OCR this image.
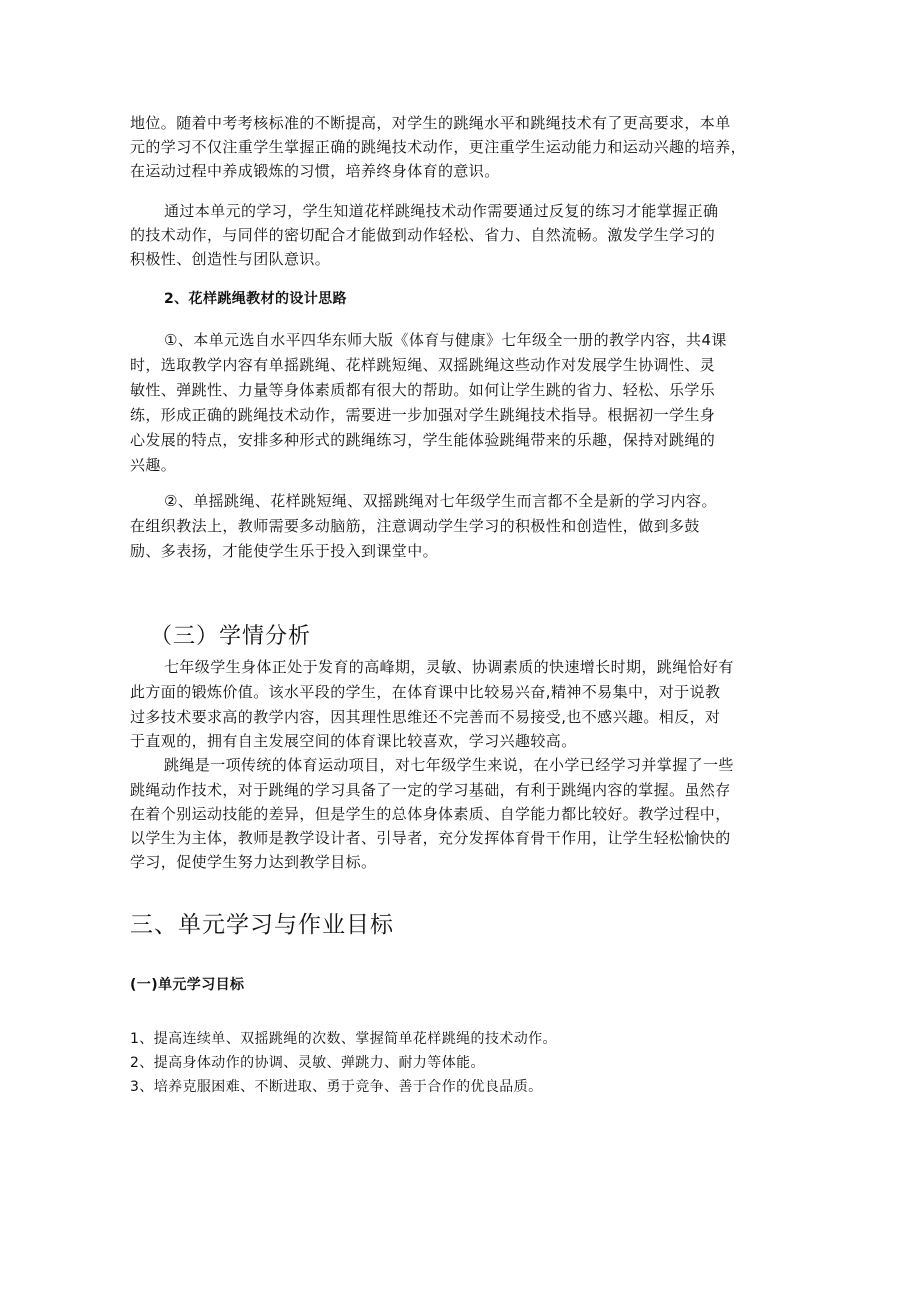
地位。随着中考考核标准的不断提高，对学生的跳绳水平和跳绳技术有了更高要求，本单
元的学习不仅注重学生掌握正确的跳绳技术动作，更注重学生运动能力和运动兴趣的培养，
在运动过程中养成锻炼的习惯，培养终身体育的意识。
通过本单元的学习，学生知道花样跳绳技术动作需要通过反复的练习才能掌握正确
的技术动作，与同伴的密切配合才能做到动作轻松、省力、自然流畅。激发学生学习的
积极性、创造性与团队意识。
2、花样跳绳教材的设计思路
①、本单元选自水平四华东师大版《体育与健康》七年级全一册的教学内容，共4课
时，选取教学内容有单摇跳绳、花样跳短绳、双摇跳绳这些动作对发展学生协调性、灵
敏性、弹跳性、力量等身体素质都有很大的帮助。如何让学生跳的省力、轻松、乐学乐
练，形成正确的跳绳技术动作，需要进一步加强对学生跳绳技术指导。根据初一学生身
心发展的特点，安排多种形式的跳绳练习，学生能体验跳绳带来的乐趣，保持对跳绳的
兴趣。
②、单摇跳绳、花样跳短绳、双摇跳绳对七年级学生而言都不全是新的学习内容。
在组织教法上，教师需要多动脑筋，注意调动学生学习的积极性和创造性，做到多鼓
励、多表扬，才能使学生乐于投入到课堂中。
（三）学情分析
七年级学生身体正处于发育的高峰期，灵敏、协调素质的快速增长时期，跳绳恰好有
此方面的锻炼价值。该水平段的学生，在体育课中比较易兴奋,精神不易集中，对于说教
过多技术要求高的教学内容，因其理性思维还不完善而不易接受,也不感兴趣。相反，对
于直观的，拥有自主发展空间的体育课比较喜欢，学习兴趣较高。
跳绳是一项传统的体育运动项目，对七年级学生来说，在小学已经学习并掌握了一些
跳绳动作技术，对于跳绳的学习具备了一定的学习基础，有利于跳绳内容的掌握。虽然存
在着个别运动技能的差异，但是学生的总体身体素质、自学能力都比较好。教学过程中，
以学生为主体，教师是教学设计者、引导者，充分发挥体育骨干作用，让学生轻松愉快的
学习，促使学生努力达到教学目标。
三、单元学习与作业目标
(一)单元学习目标
1、提高连续单、双摇跳绳的次数、掌握简单花样跳绳的技术动作。
2、提高身体动作的协调、灵敏、弹跳力、耐力等体能。
3、培养克服困难、不断进取、勇于竞争、善于合作的优良品质。
